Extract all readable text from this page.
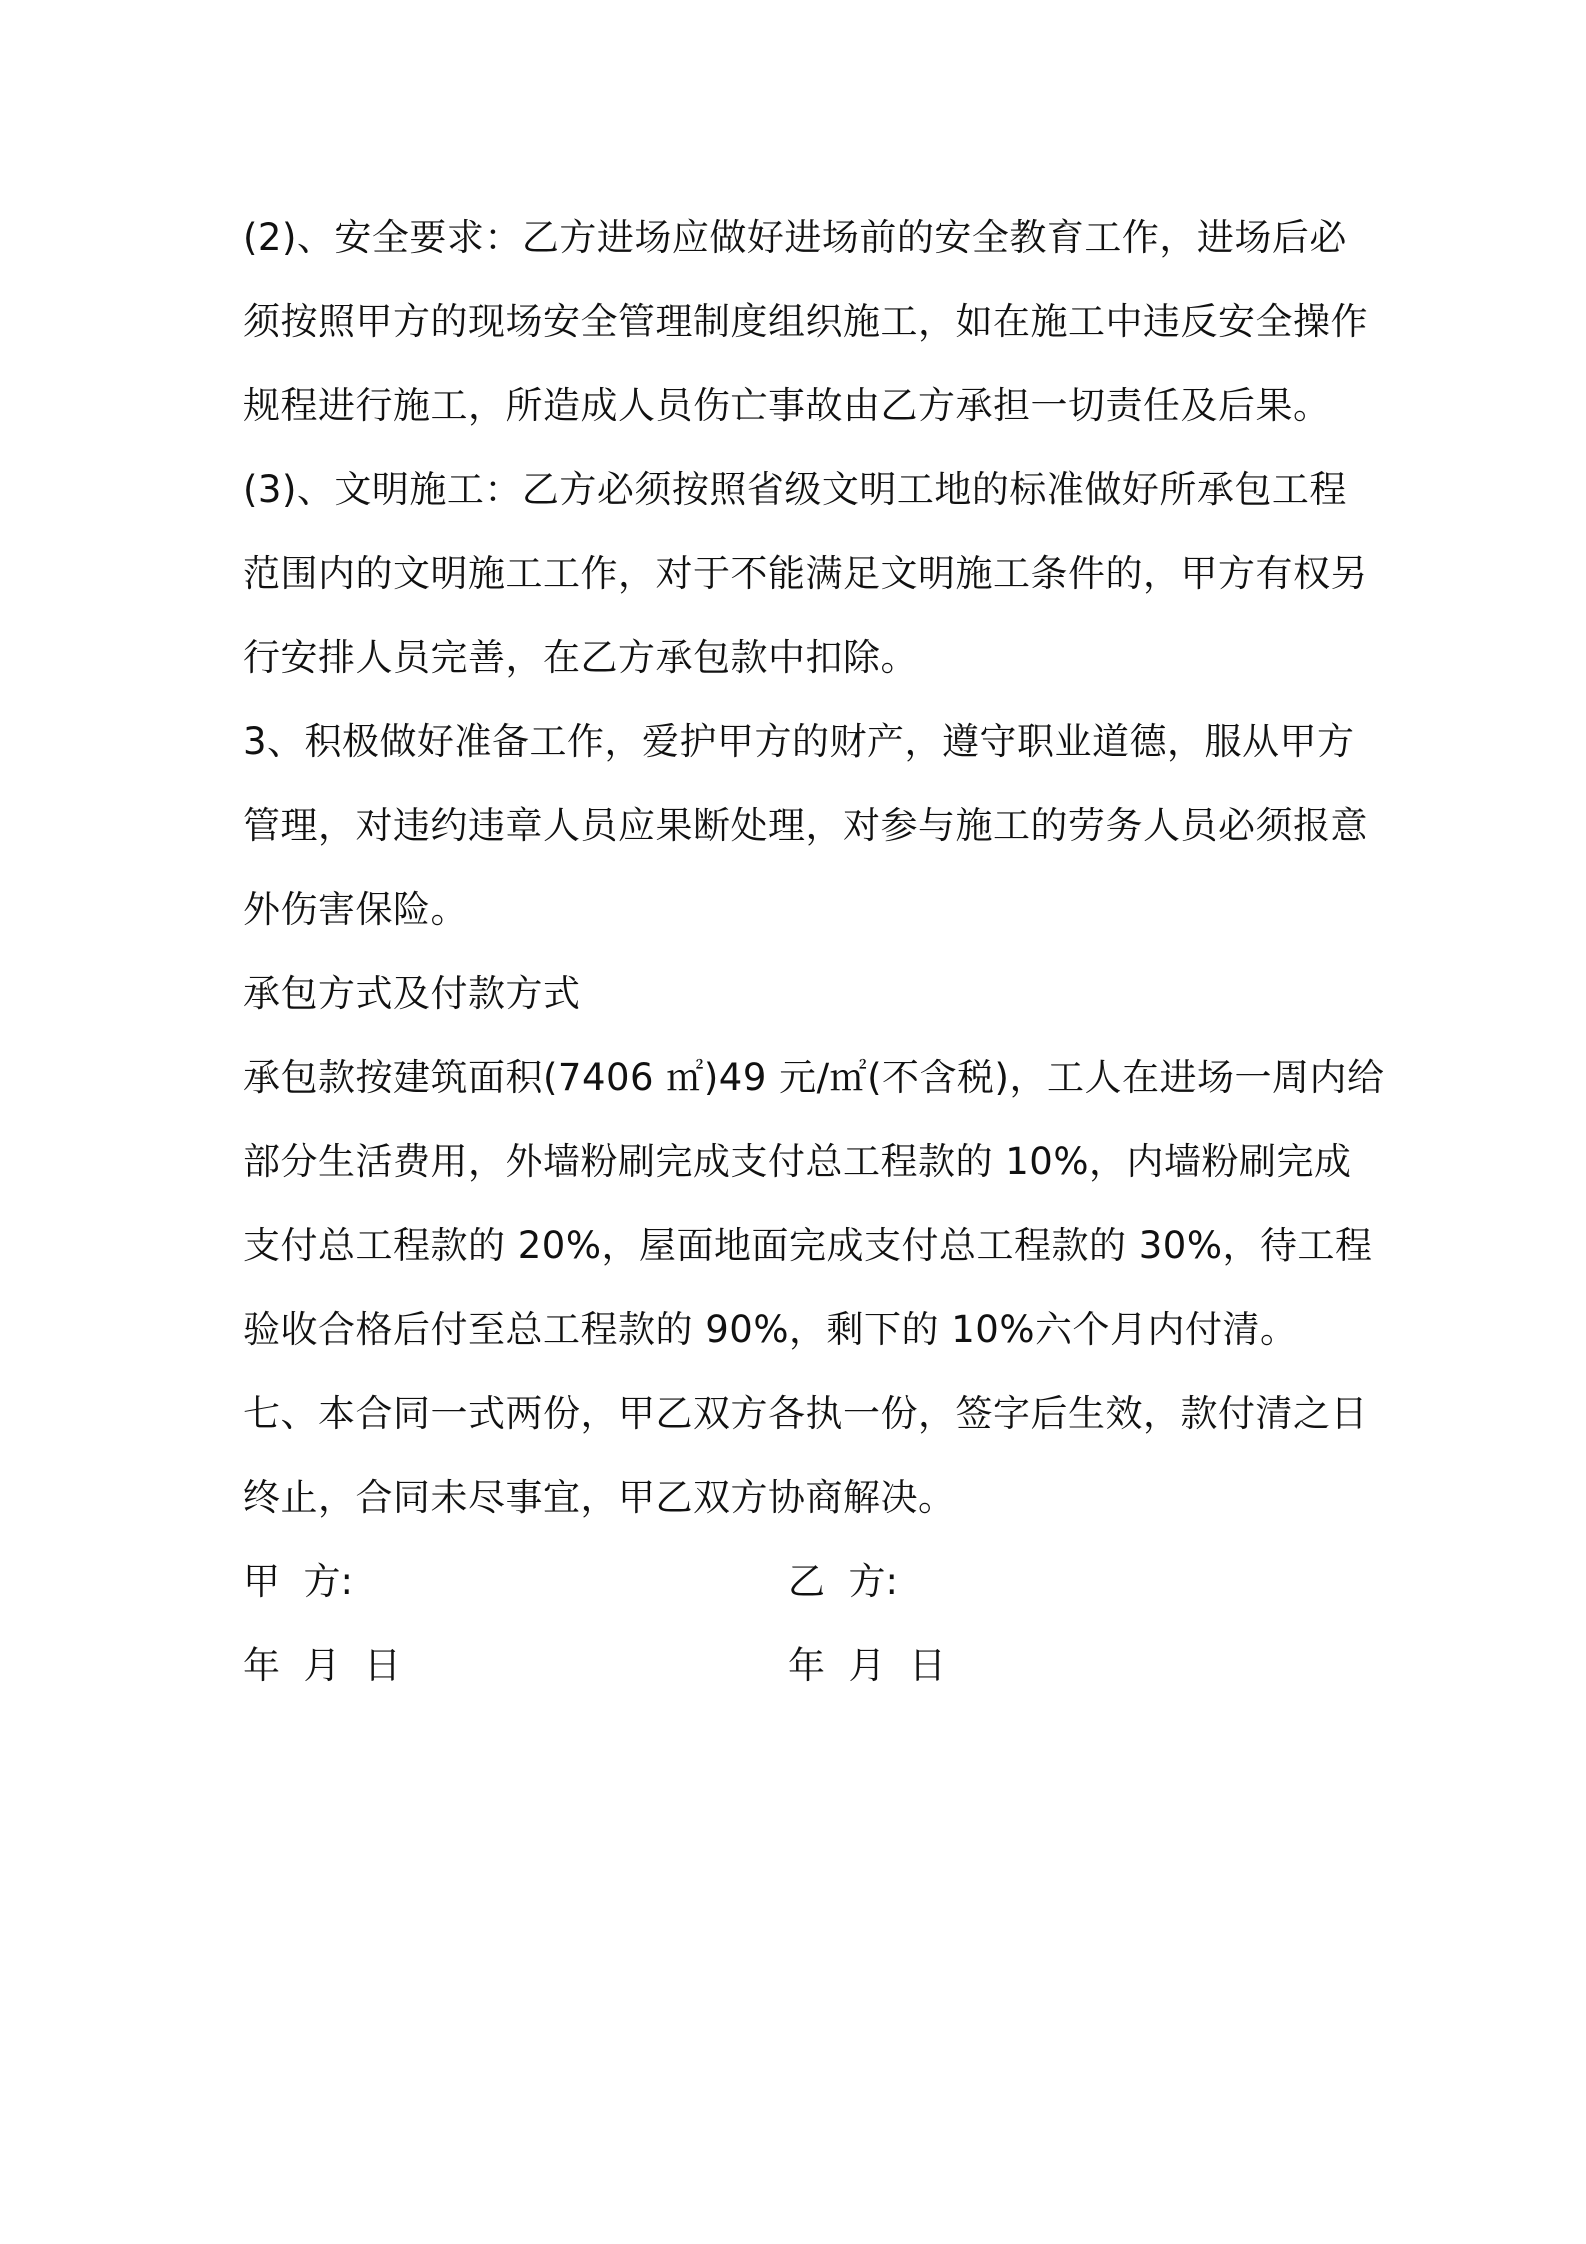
(2)、安全要求：乙方进场应做好进场前的安全教育工作，进场后必
须按照甲方的现场安全管理制度组织施工，如在施工中违反安全操作
规程进行施工，所造成人员伤亡事故由乙方承担一切责任及后果。
(3)、文明施工：乙方必须按照省级文明工地的标准做好所承包工程
范围内的文明施工工作，对于不能满足文明施工条件的，甲方有权另
行安排人员完善，在乙方承包款中扣除。
3、积极做好准备工作，爱护甲方的财产，遵守职业道德，服从甲方
管理，对违约违章人员应果断处理，对参与施工的劳务人员必须报意
外伤害保险。
承包方式及付款方式
承包款按建筑面积(7406 ㎡)49 元/㎡(不含税)，工人在进场一周内给
部分生活费用，外墙粉刷完成支付总工程款的 10%，内墙粉刷完成
支付总工程款的 20%，屋面地面完成支付总工程款的 30%，待工程
验收合格后付至总工程款的 90%，剩下的 10%六个月内付清。
七、本合同一式两份，甲乙双方各执一份，签字后生效，款付清之日
终止，合同未尽事宜，甲乙双方协商解决。
甲  方:	乙  方:
年  月  日	年  月  日
